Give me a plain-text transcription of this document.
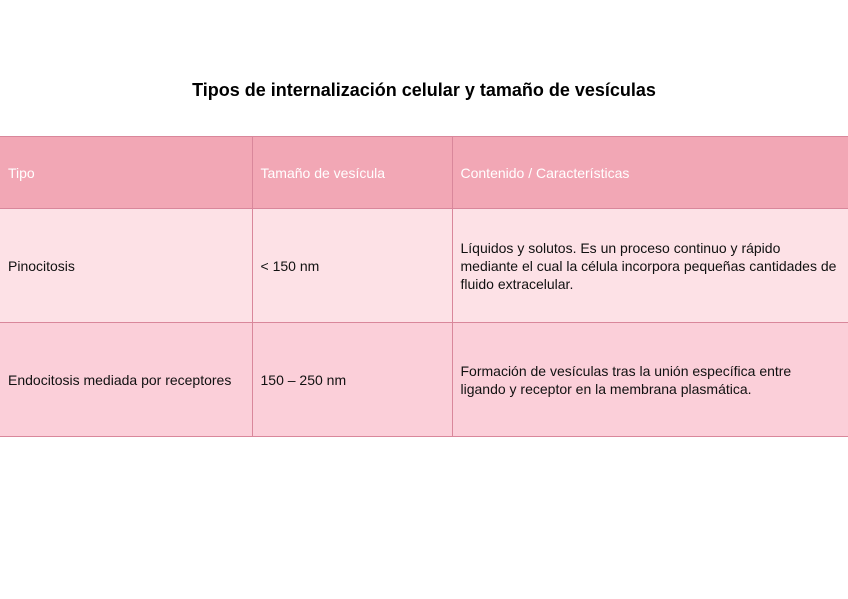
Tipos de internalización celular y tamaño de vesículas
Tipo	Tamaño de vesícula	Contenido / Características
Pinocitosis	< 150 nm	Líquidos y solutos. Es un proceso continuo y rápido mediante el cual la célula incorpora pequeñas cantidades de fluido extracelular.
Endocitosis mediada por receptores	150 – 250 nm	Formación de vesículas tras la unión específica entre ligando y receptor en la membrana plasmática.
